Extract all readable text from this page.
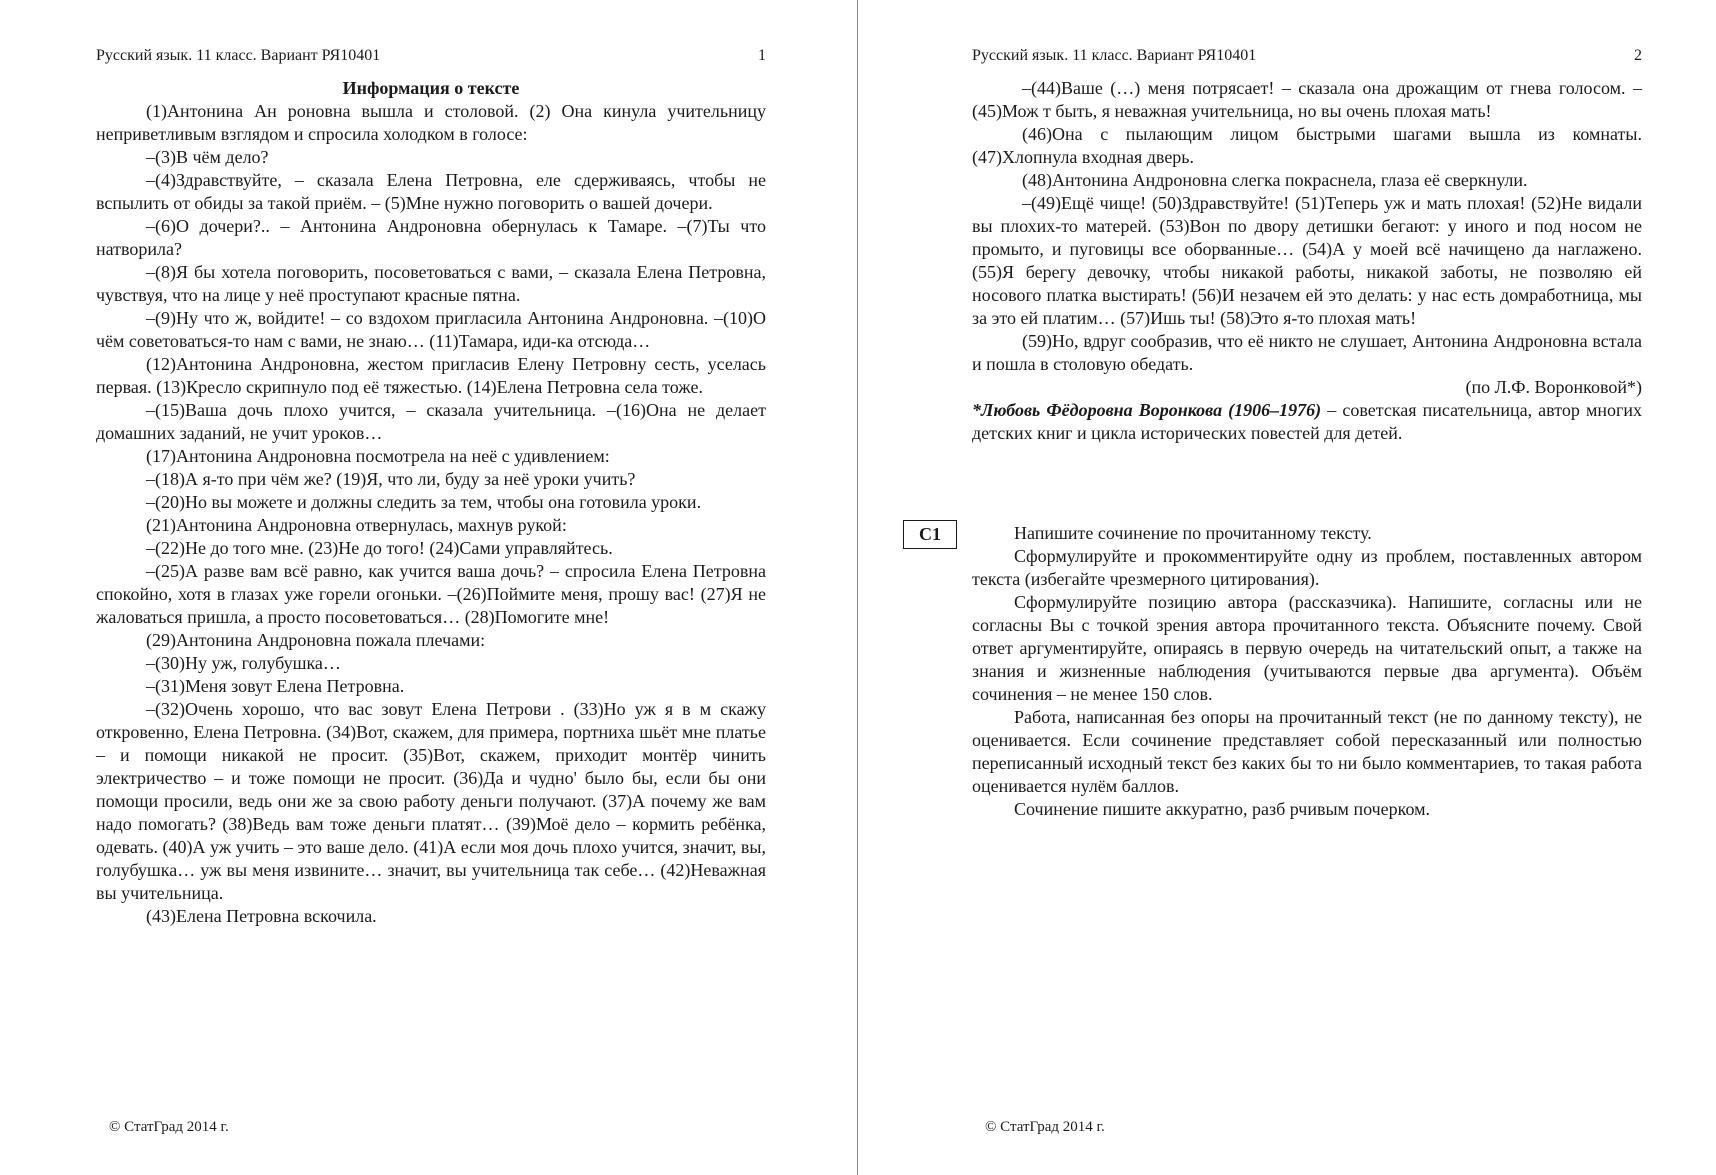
Русский язык. 11 класс. Вариант РЯ10401	1

Информация о тексте

(1)Антонина Ан роновна вышла и столовой. (2) Она кинула учительницу неприветливым взглядом и спросила холодком в голосе:

–(3)В чём дело?

–(4)Здравствуйте, – сказала Елена Петровна, еле сдерживаясь, чтобы не вспылить от обиды за такой приём. – (5)Мне нужно поговорить о вашей дочери.

–(6)О дочери?.. – Антонина Андроновна обернулась к Тамаре. –(7)Ты что натворила?

–(8)Я бы хотела поговорить, посоветоваться с вами, – сказала Елена Петровна, чувствуя, что на лице у неё проступают красные пятна.

–(9)Ну что ж, войдите! – со вздохом пригласила Антонина Андроновна. –(10)О чём советоваться-то нам с вами, не знаю… (11)Тамара, иди-ка отсюда…

(12)Антонина Андроновна, жестом пригласив Елену Петровну сесть, уселась первая. (13)Кресло скрипнуло под её тяжестью. (14)Елена Петровна села тоже.

–(15)Ваша дочь плохо учится, – сказала учительница. –(16)Она не делает домашних заданий, не учит уроков…

(17)Антонина Андроновна посмотрела на неё с удивлением:

–(18)А я-то при чём же? (19)Я, что ли, буду за неё уроки учить?

–(20)Но вы можете и должны следить за тем, чтобы она готовила уроки.

(21)Антонина Андроновна отвернулась, махнув рукой:

–(22)Не до того мне. (23)Не до того! (24)Сами управляйтесь.

–(25)А разве вам всё равно, как учится ваша дочь? – спросила Елена Петровна спокойно, хотя в глазах уже горели огоньки. –(26)Поймите меня, прошу вас! (27)Я не жаловаться пришла, а просто посоветоваться… (28)Помогите мне!

(29)Антонина Андроновна пожала плечами:

–(30)Ну уж, голубушка…

–(31)Меня зовут Елена Петровна.

–(32)Очень хорошо, что вас зовут Елена Петрови . (33)Но уж я в м скажу откровенно, Елена Петровна. (34)Вот, скажем, для примера, портниха шьёт мне платье – и помощи никакой не просит. (35)Вот, скажем, приходит монтёр чинить электричество – и тоже помощи не просит. (36)Да и чудно' было бы, если бы они помощи просили, ведь они же за свою работу деньги получают. (37)А почему же вам надо помогать? (38)Ведь вам тоже деньги платят… (39)Моё дело – кормить ребёнка, одевать. (40)А уж учить – это ваше дело. (41)А если моя дочь плохо учится, значит, вы, голубушка… уж вы меня извините… значит, вы учительница так себе… (42)Неважная вы учительница.

(43)Елена Петровна вскочила.

© СтатГрад 2014 г.
Русский язык. 11 класс. Вариант РЯ10401	2

–(44)Ваше (…) меня потрясает! – сказала она дрожащим от гнева голосом. –(45)Мож т быть, я неважная учительница, но вы очень плохая мать!

(46)Она с пылающим лицом быстрыми шагами вышла из комнаты. (47)Хлопнула входная дверь.

(48)Антонина Андроновна слегка покраснела, глаза её сверкнули.

–(49)Ещё чище! (50)Здравствуйте! (51)Теперь уж и мать плохая! (52)Не видали вы плохих-то матерей. (53)Вон по двору детишки бегают: у иного и под носом не промыто, и пуговицы все оборванные… (54)А у моей всё начищено да наглажено. (55)Я берегу девочку, чтобы никакой работы, никакой заботы, не позволяю ей носового платка выстирать! (56)И незачем ей это делать: у нас есть домработница, мы за это ей платим… (57)Ишь ты! (58)Это я-то плохая мать!

(59)Но, вдруг сообразив, что её никто не слушает, Антонина Андроновна встала и пошла в столовую обедать.

(по Л.Ф. Воронковой*)

*Любовь Фёдоровна Воронкова (1906–1976) – советская писательница, автор многих детских книг и цикла исторических повестей для детей.

С1	Напишите сочинение по прочитанному тексту.

Сформулируйте и прокомментируйте одну из проблем, поставленных автором текста (избегайте чрезмерного цитирования).

Сформулируйте позицию автора (рассказчика). Напишите, согласны или не согласны Вы с точкой зрения автора прочитанного текста. Объясните почему. Свой ответ аргументируйте, опираясь в первую очередь на читательский опыт, а также на знания и жизненные наблюдения (учитываются первые два аргумента). Объём сочинения – не менее 150 слов.

Работа, написанная без опоры на прочитанный текст (не по данному тексту), не оценивается. Если сочинение представляет собой пересказанный или полностью переписанный исходный текст без каких бы то ни было комментариев, то такая работа оценивается нулём баллов.

Сочинение пишите аккуратно, разб рчивым почерком.

© СтатГрад 2014 г.
